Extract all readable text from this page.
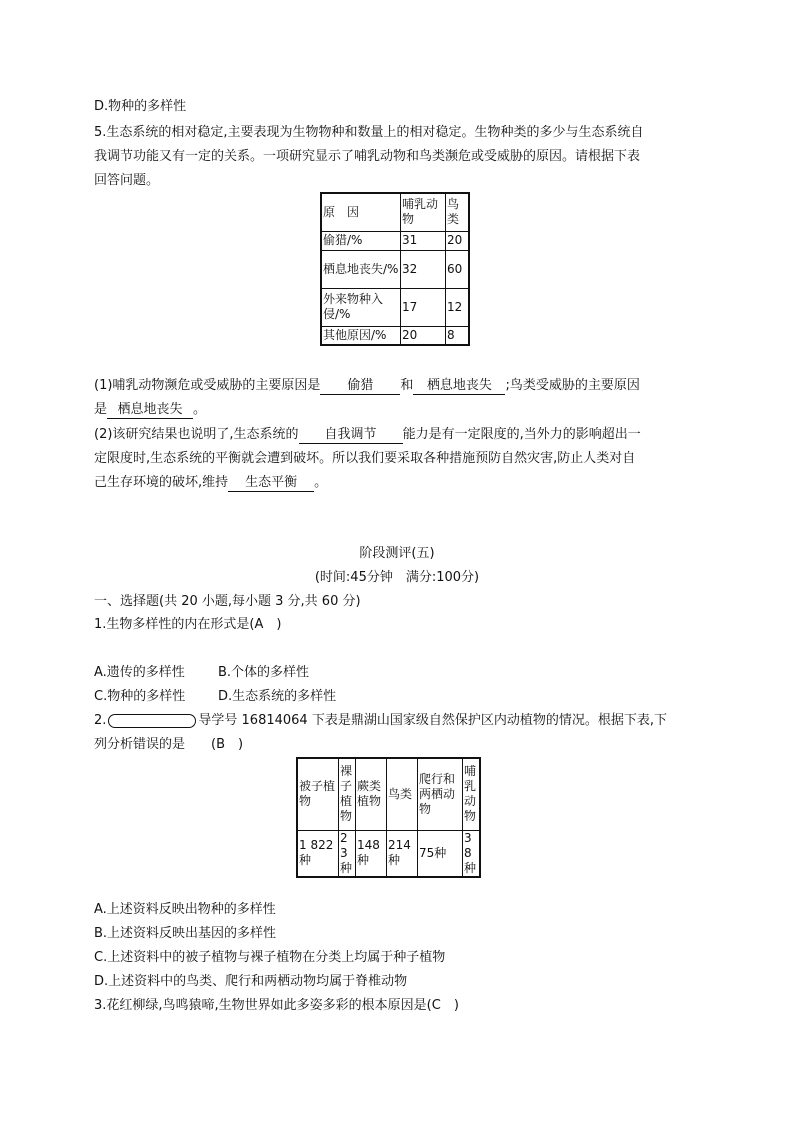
D.物种的多样性
5.生态系统的相对稳定,主要表现为生物物种和数量上的相对稳定。生物种类的多少与生态系统自
我调节功能又有一定的关系。一项研究显示了哺乳动物和鸟类濒危或受威胁的原因。请根据下表
回答问题。
原　因	哺乳动物	鸟类
偷猎/%	31	20
栖息地丧失/%	32	60
外来物种入侵/%	17	12
其他原因/%	20	8
(1)哺乳动物濒危或受威胁的主要原因是 偷猎 和 栖息地丧失 ;鸟类受威胁的主要原因
是 栖息地丧失 。
(2)该研究结果也说明了,生态系统的 自我调节 能力是有一定限度的,当外力的影响超出一
定限度时,生态系统的平衡就会遭到破坏。所以我们要采取各种措施预防自然灾害,防止人类对自
己生存环境的破坏,维持 生态平衡 。
阶段测评(五)
(时间:45分钟　满分:100分)
一、选择题(共 20 小题,每小题 3 分,共 60 分)
1.生物多样性的内在形式是(A　)
A.遗传的多样性	B.个体的多样性
C.物种的多样性	D.生态系统的多样性
2.	导学号 16814064 下表是鼎湖山国家级自然保护区内动植物的情况。根据下表,下
列分析错误的是　　(B　)
被子植物	裸子植物	蕨类植物	鸟类	爬行和两栖动物	哺乳动物
1 822种	23种	148种	214种	75种	38种
A.上述资料反映出物种的多样性
B.上述资料反映出基因的多样性
C.上述资料中的被子植物与裸子植物在分类上均属于种子植物
D.上述资料中的鸟类、爬行和两栖动物均属于脊椎动物
3.花红柳绿,鸟鸣猿啼,生物世界如此多姿多彩的根本原因是(C　)
